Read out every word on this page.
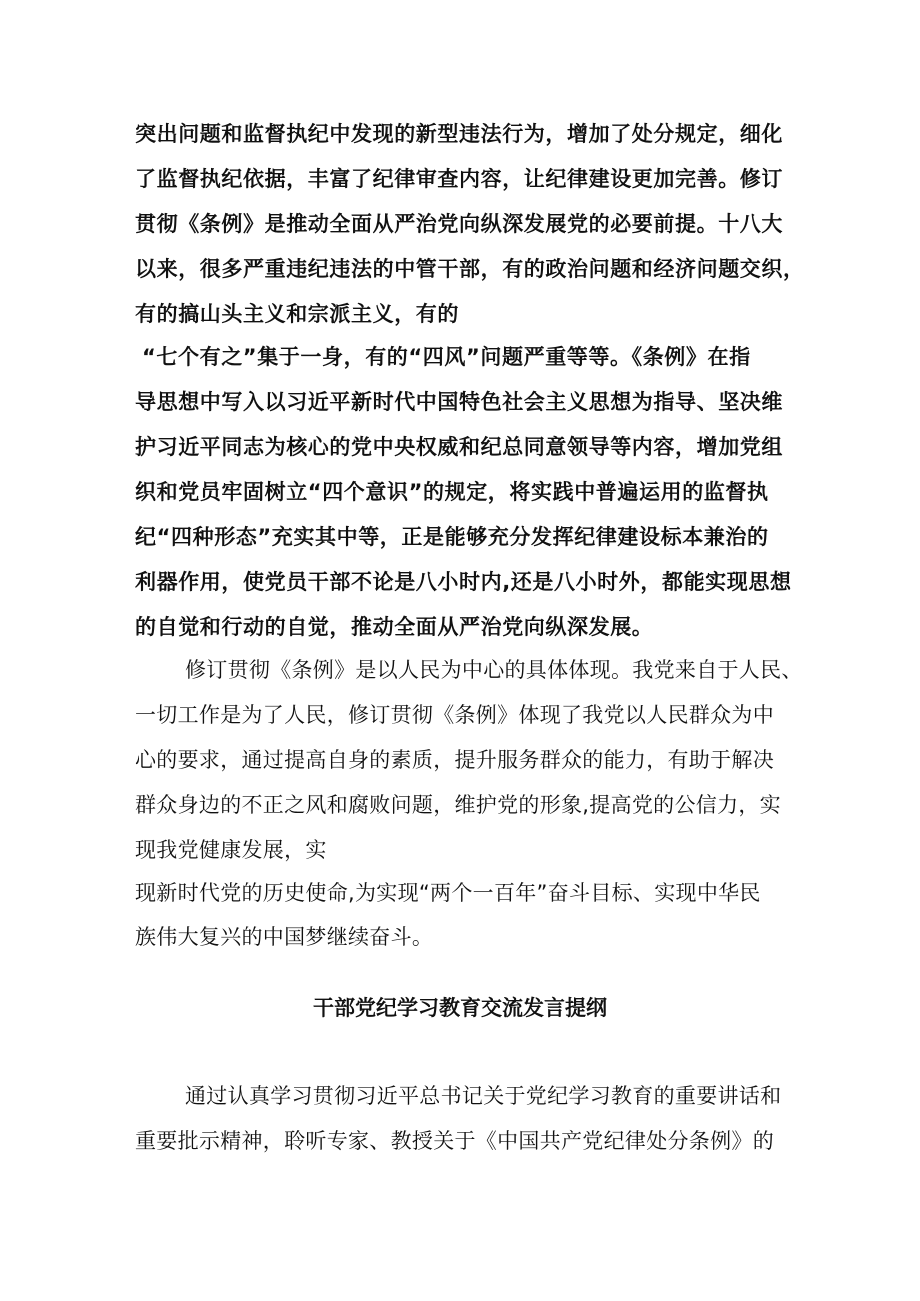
突出问题和监督执纪中发现的新型违法行为，增加了处分规定，细化
了监督执纪依据，丰富了纪律审查内容，让纪律建设更加完善。修订
贯彻《条例》是推动全面从严治党向纵深发展党的必要前提。十八大
以来，很多严重违纪违法的中管干部，有的政治问题和经济问题交织，
有的搞山头主义和宗派主义，有的
“七个有之”集于一身，有的“四风”问题严重等等。《条例》在指
导思想中写入以习近平新时代中国特色社会主义思想为指导、坚决维
护习近平同志为核心的党中央权威和纪总同意领导等内容，增加党组
织和党员牢固树立“四个意识”的规定，将实践中普遍运用的监督执
纪“四种形态”充实其中等，正是能够充分发挥纪律建设标本兼治的
利器作用，使党员干部不论是八小时内,还是八小时外，都能实现思想
的自觉和行动的自觉，推动全面从严治党向纵深发展。
修订贯彻《条例》是以人民为中心的具体体现。我党来自于人民、
一切工作是为了人民，修订贯彻《条例》体现了我党以人民群众为中
心的要求，通过提高自身的素质，提升服务群众的能力，有助于解决
群众身边的不正之风和腐败问题，维护党的形象,提高党的公信力，实
现我党健康发展，实
现新时代党的历史使命,为实现“两个一百年”奋斗目标、实现中华民
族伟大复兴的中国梦继续奋斗。
干部党纪学习教育交流发言提纲
通过认真学习贯彻习近平总书记关于党纪学习教育的重要讲话和
重要批示精神，聆听专家、教授关于《中国共产党纪律处分条例》的
